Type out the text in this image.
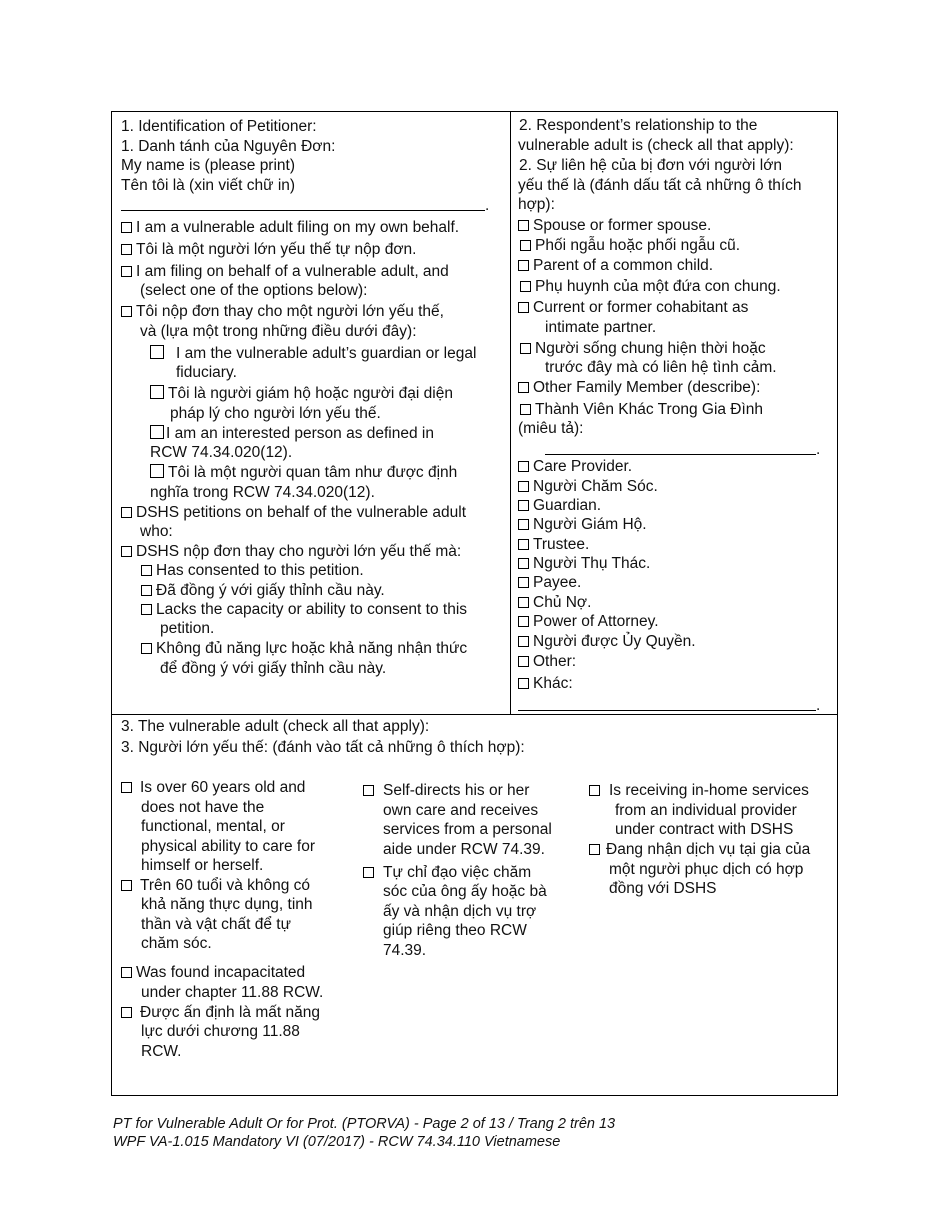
1. Identification of Petitioner:
1. Danh tánh của Nguyên Đơn:
My name is (please print)
Tên tôi là (xin viết chữ in)
.
I am a vulnerable adult filing on my own behalf.
Tôi là một người lớn yếu thế tự nộp đơn.
I am filing on behalf of a vulnerable adult, and
(select one of the options below):
Tôi nộp đơn thay cho một người lớn yếu thế,
và (lựa một trong những điều dưới đây):
I am the vulnerable adult’s guardian or legal
fiduciary.
Tôi là người giám hộ hoặc người đại diện
pháp lý cho người lớn yếu thế.
I am an interested person as defined in
RCW 74.34.020(12).
Tôi là một người quan tâm như được định
nghĩa trong RCW 74.34.020(12).
DSHS petitions on behalf of the vulnerable adult
who:
DSHS nộp đơn thay cho người lớn yếu thế mà:
Has consented to this petition.
Đã đồng ý với giấy thỉnh cầu này.
Lacks the capacity or ability to consent to this
petition.
Không đủ năng lực hoặc khả năng nhận thức
để đồng ý với giấy thỉnh cầu này.
2. Respondent’s relationship to the
vulnerable adult is (check all that apply):
2. Sự liên hệ của bị đơn với người lớn
yếu thế là (đánh dấu tất cả những ô thích
hợp):
Spouse or former spouse.
Phối ngẫu hoặc phối ngẫu cũ.
Parent of a common child.
Phụ huynh của một đứa con chung.
Current or former cohabitant as
intimate partner.
Người sống chung hiện thời hoặc
trước đây mà có liên hệ tình cảm.
Other Family Member (describe):
Thành Viên Khác Trong Gia Đình
(miêu tả):
.
Care Provider.
Người Chăm Sóc.
Guardian.
Người Giám Hộ.
Trustee.
Người Thụ Thác.
Payee.
Chủ Nợ.
Power of Attorney.
Người được Ủy Quyền.
Other:
Khác:
.
3. The vulnerable adult (check all that apply):
3. Người lớn yếu thế: (đánh vào tất cả những ô thích hợp):
Is over 60 years old and
does not have the
functional, mental, or
physical ability to care for
himself or herself.
Trên 60 tuổi và không có
khả năng thực dụng, tinh
thần và vật chất để tự
chăm sóc.
Was found incapacitated
under chapter 11.88 RCW.
Được ấn định là mất năng
lực dưới chương 11.88
RCW.
Self-directs his or her
own care and receives
services from a personal
aide under RCW 74.39.
Tự chỉ đạo việc chăm
sóc của ông ấy hoặc bà
ấy và nhận dịch vụ trợ
giúp riêng theo RCW
74.39.
Is receiving in-home services
from an individual provider
under contract with DSHS
Đang nhận dịch vụ tại gia của
một người phục dịch có hợp
đồng với DSHS
PT for Vulnerable Adult Or for Prot. (PTORVA) - Page 2 of 13 / Trang 2 trên 13
WPF VA-1.015 Mandatory VI (07/2017) - RCW 74.34.110 Vietnamese
